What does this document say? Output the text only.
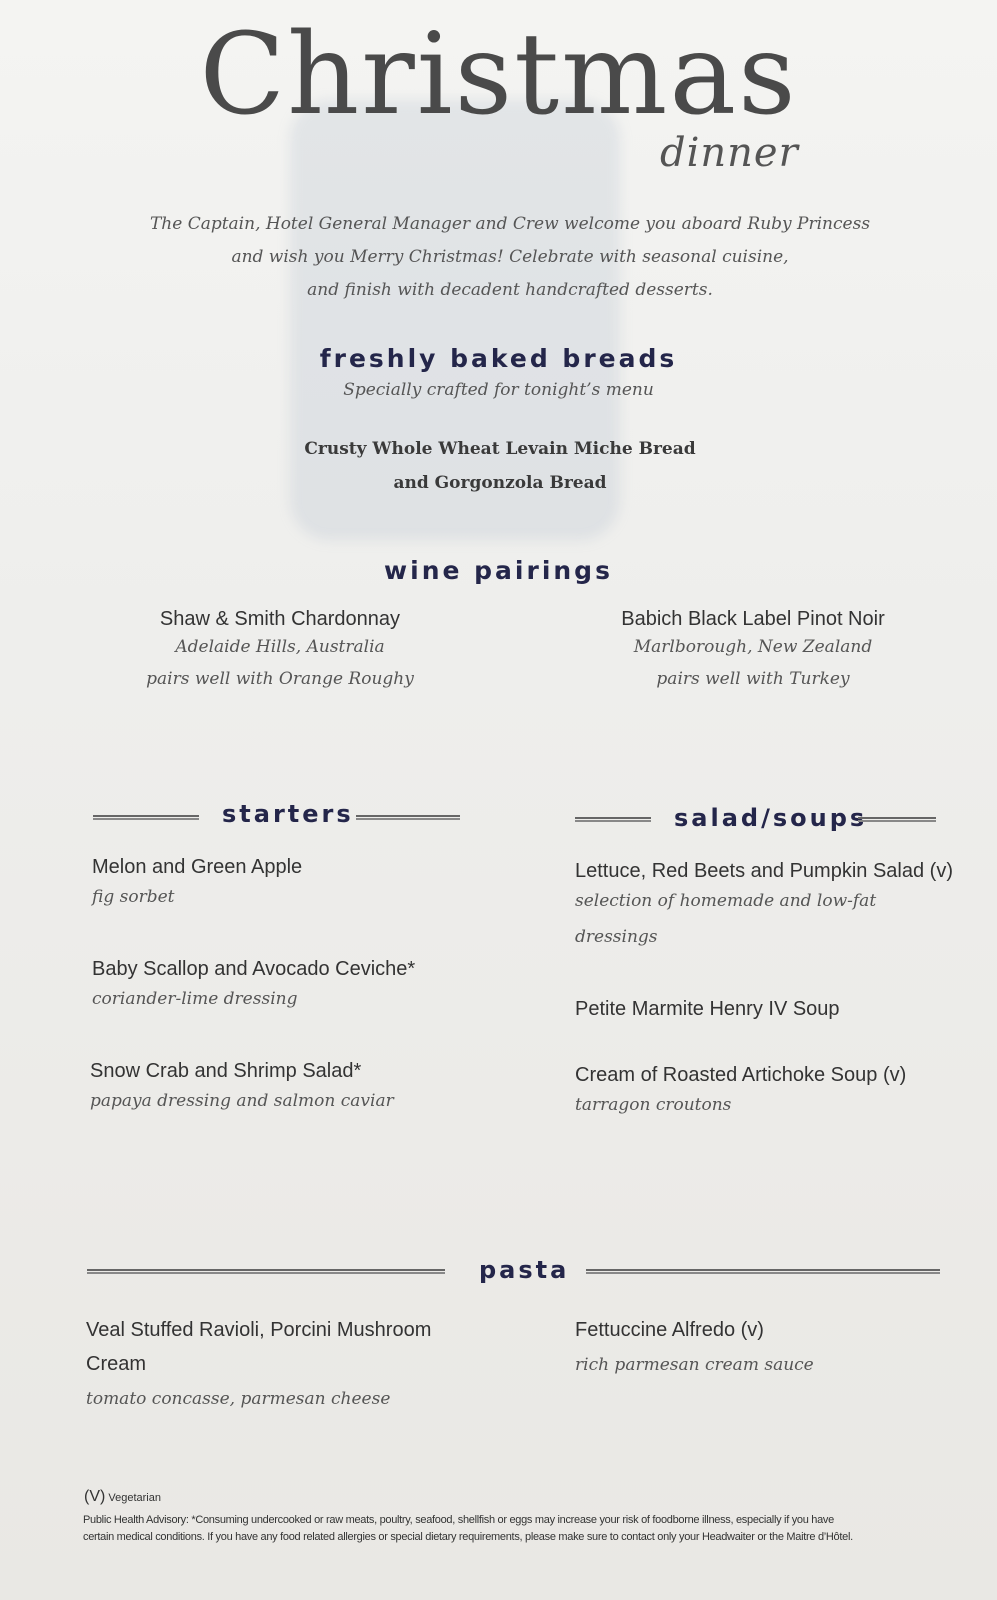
Christmas
dinner
The Captain, Hotel General Manager and Crew welcome you aboard Ruby Princess
and wish you Merry Christmas! Celebrate with seasonal cuisine,
and finish with decadent handcrafted desserts.
freshly baked breads
Specially crafted for tonight’s menu
Crusty Whole Wheat Levain Miche Bread
and Gorgonzola Bread
wine pairings
Shaw & Smith Chardonnay
Adelaide Hills, Australia
pairs well with Orange Roughy
Babich Black Label Pinot Noir
Marlborough, New Zealand
pairs well with Turkey
starters
Melon and Green Apple
fig sorbet
Baby Scallop and Avocado Ceviche*
coriander-lime dressing
Snow Crab and Shrimp Salad*
papaya dressing and salmon caviar
salad/soups
Lettuce, Red Beets and Pumpkin Salad (v)
selection of homemade and low-fat
dressings
Petite Marmite Henry IV Soup
Cream of Roasted Artichoke Soup (v)
tarragon croutons
pasta
Veal Stuffed Ravioli, Porcini Mushroom
Cream
tomato concasse, parmesan cheese
Fettuccine Alfredo (v)
rich parmesan cream sauce
(V) Vegetarian
Public Health Advisory: *Consuming undercooked or raw meats, poultry, seafood, shellfish or eggs may increase your risk of foodborne illness, especially if you have
certain medical conditions. If you have any food related allergies or special dietary requirements, please make sure to contact only your Headwaiter or the Maitre d’Hôtel.
